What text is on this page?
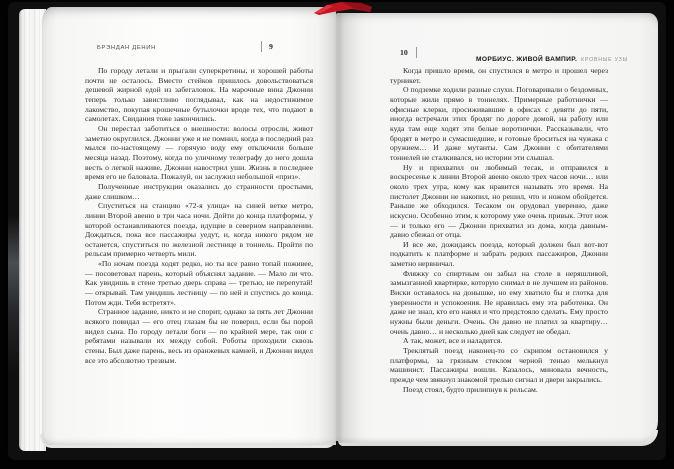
БРЭНДАН ДЕНИН	9

По городу летали и прыгали суперкретины, и хорошей работы почти не осталось. Вместо стейков пришлось довольствоваться дешевой жирной едой из забегаловок. На марочные вина Джонни теперь только завистливо поглядывал, как на недостижимое лакомство, покупая крошечные бутылочки вроде тех, что подают в самолетах. Свидания тоже закончились.

Он перестал заботиться о внешности: волосы отросли, живот заметно округлился. Джонни уже и не помнил, когда в последний раз мылся по-настоящему — горячую воду ему отключили больше месяца назад. Поэтому, когда по уличному телеграфу до него дошла весть о легкой наживе, Джонни навострил уши. Жизнь в последнее время его не баловала. Пожалуй, он заслужил небольшой «приз».

Полученные инструкции оказались до странности простыми, даже слишком…

Спуститься на станцию «72-я улица» на синей ветке метро, линии Второй авеню в три часа ночи. Дойти до конца платформы, у которой останавливаются поезда, идущие в северном направлении. Дождаться, пока все пассажиры уедут, и, когда никого рядом не останется, спуститься по железной лестнице в тоннель. Пройти по рельсам примерно четверть мили.

«По ночам поезда ходят редко, но ты все равно топай поживее, — посоветовал парень, который объяснял задание. — Мало ли что. Как увидишь в стене третью дверь справа — третью, не перепутай! — открывай. Там увидишь лестницу — по ней и спустись до конца. Потом жди. Тебя встретят».

Странное задание, никто и не спорит, однако за пять лет Джонни всякого повидал — его отец глазам бы не поверил, если бы порой видел сына. По городу летали боги — по крайней мере, так они с ребятами называли их между собой. Роботы проходили сквозь стены. Был даже парень, весь из оранжевых камней, и Джонни видел все это абсолютно трезвым.

10
МОРБИУС. ЖИВОЙ ВАМПИР. КРОВНЫЕ УЗЫ

Когда пришло время, он спустился в метро и прошел через турникет.

О подземке ходили разные слухи. Поговаривали о бездомных, которые жили прямо в тоннелях. Примерные работнички — офисные клерки, просиживавшие в офисах с девяти до пяти, иногда встречали этих бродяг по дороге домой, на работу или куда там еще ходят эти белые воротнички. Рассказывали, что бродят в метро и сумасшедшие, и готовые броситься на чужака с оружием… И даже мутанты. Сам Джонни с обитателями тоннелей не сталкивался, но истории эти слышал.

Ну и прихватил он любимый тесак, и отправился в воскресенье к линии Второй авеню около трех часов ночи… или около трех утра, кому как нравится называть это время. На пистолет Джонни не накопил, но решил, что и ножом обойдется. Раньше же обходился. Тесаком он орудовал уверенно, даже искусно. Особенно этим, к которому уже очень привык. Этот нож — и только его — Джонни прихватил из дома, когда давным-давно сбежал от отца.

И все же, дожидаясь поезда, который должен был вот-вот подкатить к платформе и забрать редких пассажиров, Джонни заметно нервничал.

Фляжку со спиртным он забыл на столе в неряшливой, замызганной квартирке, которую снимал в не лучшем из районов. Виски оставалось на донышке, но ему хватило бы и глотка для уверенности и успокоения. Не нравилась ему эта работенка. Он даже не знал, кто его нанял и что предстояло сделать. Ему просто нужны были деньги. Очень. Он давно не платил за квартиру… очень давно… и несколько дней как следует не обедал.

А так, может, все и наладится.

Треклятый поезд наконец-то со скрипом остановился у платформы, за грязным стеклом черной тенью мелькнул машинист. Пассажиры вошли. Казалось, миновала вечность, прежде чем звякнул знакомой трелью сигнал и двери закрылись.

Поезд стоял, будто прилипнув к рельсам.
